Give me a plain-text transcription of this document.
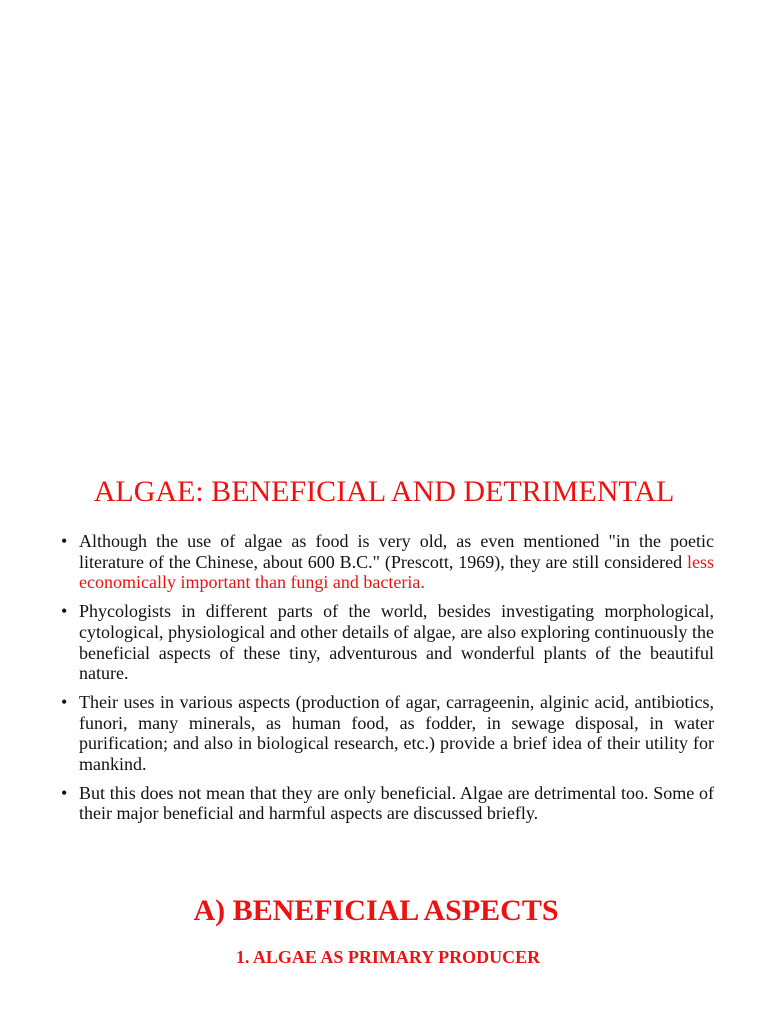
ALGAE: BENEFICIAL AND DETRIMENTAL
• Although the use of algae as food is very old, as even mentioned "in the poetic literature of the Chinese, about 600 B.C." (Prescott, 1969), they are still considered less economically important than fungi and bacteria.
• Phycologists in different parts of the world, besides investigating morphological, cytological, physiological and other details of algae, are also exploring continuously the beneficial aspects of these tiny, adventurous and wonderful plants of the beautiful nature.
• Their uses in various aspects (production of agar, carrageenin, alginic acid, antibiotics, funori, many minerals, as human food, as fodder, in sewage disposal, in water purification; and also in biological research, etc.) provide a brief idea of their utility for mankind.
• But this does not mean that they are only beneficial. Algae are detrimental too. Some of their major beneficial and harmful aspects are discussed briefly.
A) BENEFICIAL ASPECTS
1. ALGAE AS PRIMARY PRODUCER
